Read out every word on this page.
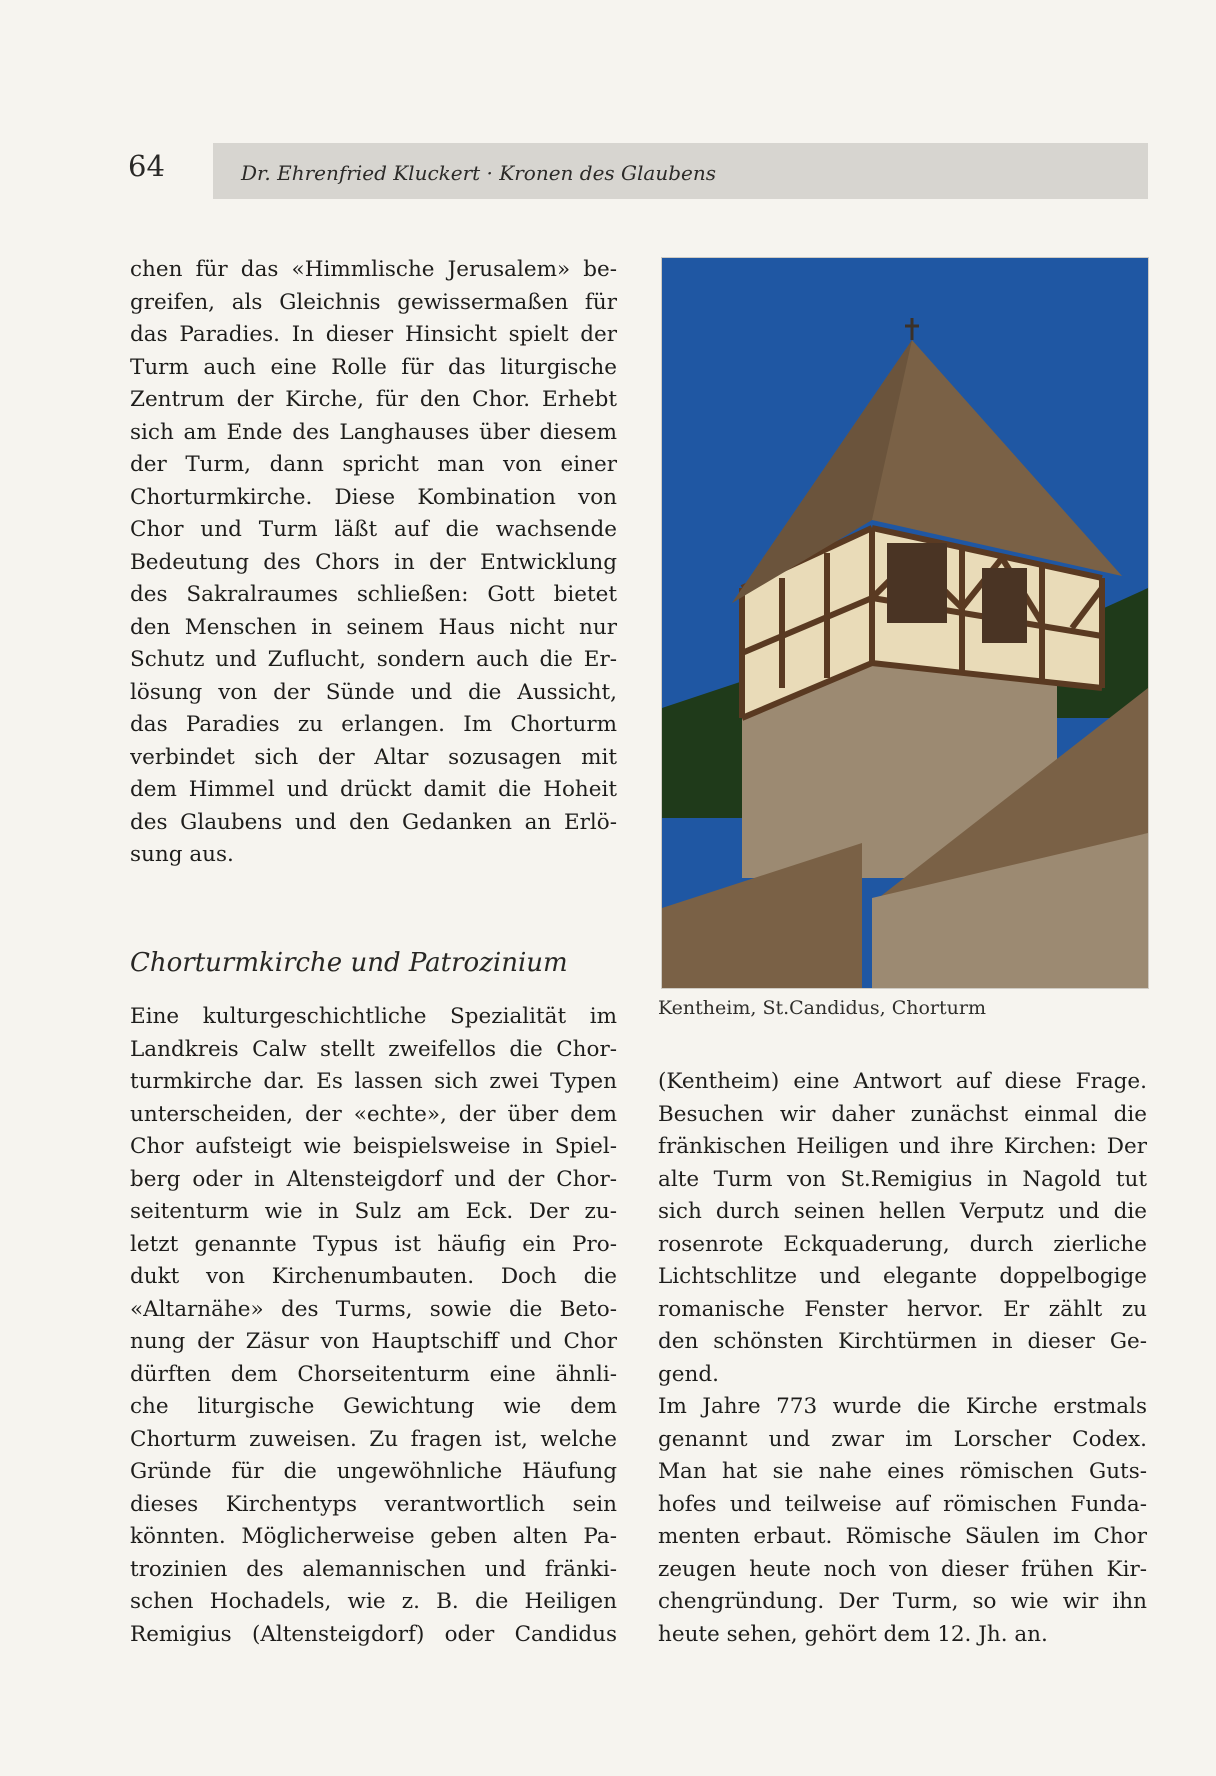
64	Dr. Ehrenfried Kluckert · Kronen des Glaubens
chen für das «Himmlische Jerusalem» be-
greifen, als Gleichnis gewissermaßen für
das Paradies. In dieser Hinsicht spielt der
Turm auch eine Rolle für das liturgische
Zentrum der Kirche, für den Chor. Erhebt
sich am Ende des Langhauses über diesem
der Turm, dann spricht man von einer
Chorturmkirche. Diese Kombination von
Chor und Turm läßt auf die wachsende
Bedeutung des Chors in der Entwicklung
des Sakralraumes schließen: Gott bietet
den Menschen in seinem Haus nicht nur
Schutz und Zuflucht, sondern auch die Er-
lösung von der Sünde und die Aussicht,
das Paradies zu erlangen. Im Chorturm
verbindet sich der Altar sozusagen mit
dem Himmel und drückt damit die Hoheit
des Glaubens und den Gedanken an Erlö-
sung aus.
Chorturmkirche und Patrozinium
Eine kulturgeschichtliche Spezialität im
Landkreis Calw stellt zweifellos die Chor-
turmkirche dar. Es lassen sich zwei Typen
unterscheiden, der «echte», der über dem
Chor aufsteigt wie beispielsweise in Spiel-
berg oder in Altensteigdorf und der Chor-
seitenturm wie in Sulz am Eck. Der zu-
letzt genannte Typus ist häufig ein Pro-
dukt von Kirchenumbauten. Doch die
«Altarnähe» des Turms, sowie die Beto-
nung der Zäsur von Hauptschiff und Chor
dürften dem Chorseitenturm eine ähnli-
che liturgische Gewichtung wie dem
Chorturm zuweisen. Zu fragen ist, welche
Gründe für die ungewöhnliche Häufung
dieses Kirchentyps verantwortlich sein
könnten. Möglicherweise geben alten Pa-
trozinien des alemannischen und fränki-
schen Hochadels, wie z. B. die Heiligen
Remigius (Altensteigdorf) oder Candidus
Kentheim, St.Candidus, Chorturm
(Kentheim) eine Antwort auf diese Frage.
Besuchen wir daher zunächst einmal die
fränkischen Heiligen und ihre Kirchen: Der
alte Turm von St.Remigius in Nagold tut
sich durch seinen hellen Verputz und die
rosenrote Eckquaderung, durch zierliche
Lichtschlitze und elegante doppelbogige
romanische Fenster hervor. Er zählt zu
den schönsten Kirchtürmen in dieser Ge-
gend.
Im Jahre 773 wurde die Kirche erstmals
genannt und zwar im Lorscher Codex.
Man hat sie nahe eines römischen Guts-
hofes und teilweise auf römischen Funda-
menten erbaut. Römische Säulen im Chor
zeugen heute noch von dieser frühen Kir-
chengründung. Der Turm, so wie wir ihn
heute sehen, gehört dem 12. Jh. an.
